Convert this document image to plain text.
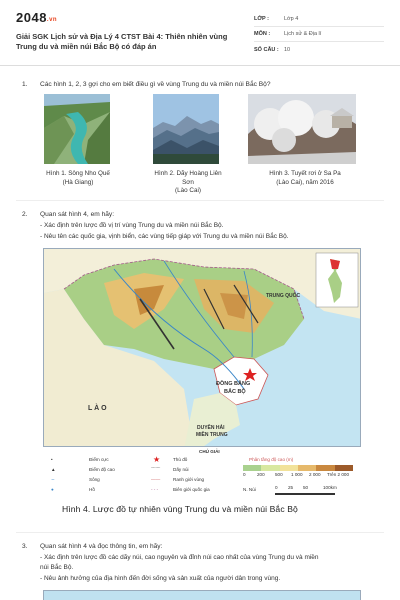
2048.vn
Giải SGK Lịch sử và Địa Lý 4 CTST Bài 4: Thiên nhiên vùng Trung du và miền núi Bắc Bộ có đáp án
LỚP :	Lớp 4
MÔN :	Lịch sử & Địa lí
SỐ CÂU : 10
1. Các hình 1, 2, 3 gợi cho em biết điều gì về vùng Trung du và miền núi Bắc Bộ?
Hình 1. Sông Nho Quế
(Hà Giang)
Hình 2. Dãy Hoàng Liên Sơn
(Lào Cai)
Hình 3. Tuyết rơi ở Sa Pa
(Lào Cai), năm 2016
2. Quan sát hình 4, em hãy:
- Xác định trên lược đồ vị trí vùng Trung du và miền núi Bắc Bộ.
- Nêu tên các quốc gia, vịnh biển, các vùng tiếp giáp với Trung du và miền núi Bắc Bộ.
TRUNG QUỐC
L À O
ĐỒNG BẰNG
BẮC BỘ
DUYÊN HẢI
MIỀN TRUNG
CHÚ GIẢI
•	Điểm cực
▲	Điểm độ cao
∼	Sông
●	Hồ
★	Thủ đô
⌒⌒	Dãy núi
——	Ranh giới vùng
- - -	Biên giới quốc gia
Phân tầng độ cao (m)
0 200 500 1 000 2 000 Trên 2 000
N. Núi	0 25 50	100km
Hình 4. Lược đồ tự nhiên vùng Trung du và miền núi Bắc Bộ
3. Quan sát hình 4 và đọc thông tin, em hãy:
- Xác định trên lược đồ các dãy núi, cao nguyên và đỉnh núi cao nhất của vùng Trung du và miền
núi Bắc Bộ.
- Nêu ảnh hưởng của địa hình đến đời sống và sản xuất của người dân trong vùng.
